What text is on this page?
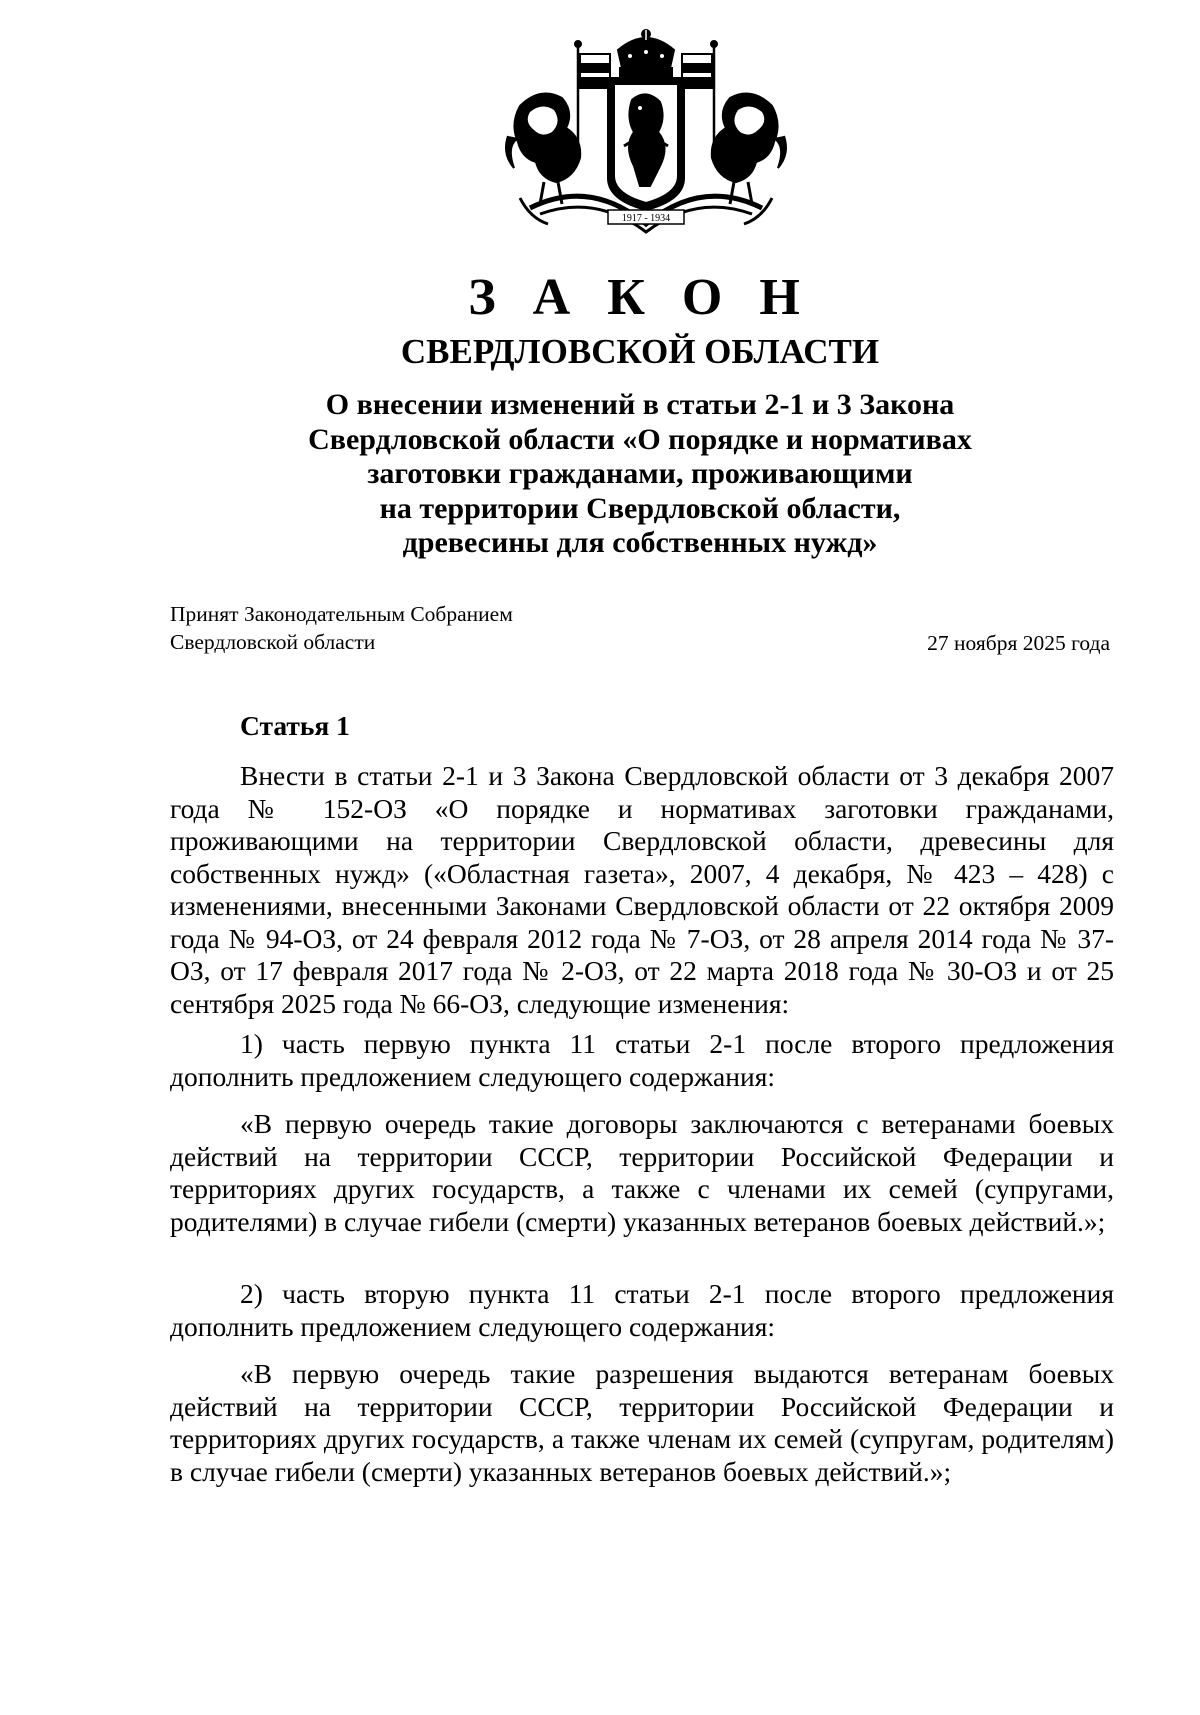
1917 - 1934
З А К О Н
СВЕРДЛОВСКОЙ ОБЛАСТИ
О внесении изменений в статьи 2-1 и 3 Закона
Свердловской области «О порядке и нормативах
заготовки гражданами, проживающими
на территории Свердловской области,
древесины для собственных нужд»
Принят Законодательным Собранием
Свердловской области	27 ноября 2025 года
Статья 1
Внести в статьи 2-1 и 3 Закона Свердловской области от 3 декабря 2007 года № 152-ОЗ «О порядке и нормативах заготовки гражданами, проживающими на территории Свердловской области, древесины для собственных нужд» («Областная газета», 2007, 4 декабря, № 423 – 428) с изменениями, внесенными Законами Свердловской области от 22 октября 2009 года № 94-ОЗ, от 24 февраля 2012 года № 7-ОЗ, от 28 апреля 2014 года № 37-ОЗ, от 17 февраля 2017 года № 2-ОЗ, от 22 марта 2018 года № 30-ОЗ и от 25 сентября 2025 года № 66-ОЗ, следующие изменения:
1) часть первую пункта 11 статьи 2-1 после второго предложения дополнить предложением следующего содержания:
«В первую очередь такие договоры заключаются с ветеранами боевых действий на территории СССР, территории Российской Федерации и территориях других государств, а также с членами их семей (супругами, родителями) в случае гибели (смерти) указанных ветеранов боевых действий.»;
2) часть вторую пункта 11 статьи 2-1 после второго предложения дополнить предложением следующего содержания:
«В первую очередь такие разрешения выдаются ветеранам боевых действий на территории СССР, территории Российской Федерации и территориях других государств, а также членам их семей (супругам, родителям) в случае гибели (смерти) указанных ветеранов боевых действий.»;
